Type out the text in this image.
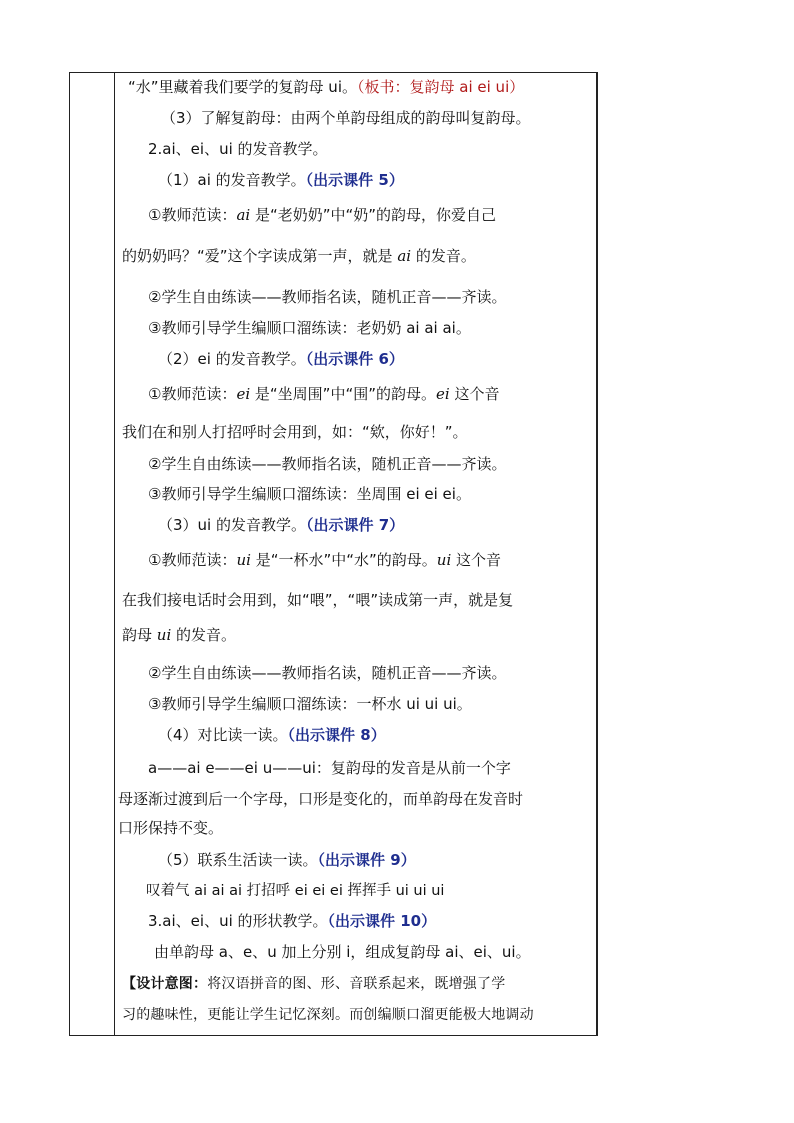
“水”里藏着我们要学的复韵母 ui。（板书：复韵母 ai ei ui）
（3）了解复韵母：由两个单韵母组成的韵母叫复韵母。
2.ai、ei、ui 的发音教学。
（1）ai 的发音教学。（出示课件 5）
①教师范读：ai 是“老奶奶”中“奶”的韵母，你爱自己
的奶奶吗？“爱”这个字读成第一声，就是 ai 的发音。
②学生自由练读——教师指名读，随机正音——齐读。
③教师引导学生编顺口溜练读：老奶奶 ai ai ai。
（2）ei 的发音教学。（出示课件 6）
①教师范读：ei 是“坐周围”中“围”的韵母。ei 这个音
我们在和别人打招呼时会用到，如：“欸，你好！”。
②学生自由练读——教师指名读，随机正音——齐读。
③教师引导学生编顺口溜练读：坐周围 ei ei ei。
（3）ui 的发音教学。（出示课件 7）
①教师范读：ui 是“一杯水”中“水”的韵母。ui 这个音
在我们接电话时会用到，如“喂”，“喂”读成第一声，就是复
韵母 ui 的发音。
②学生自由练读——教师指名读，随机正音——齐读。
③教师引导学生编顺口溜练读：一杯水 ui ui ui。
（4）对比读一读。（出示课件 8）
a——ai e——ei u——ui：复韵母的发音是从前一个字
母逐渐过渡到后一个字母，口形是变化的，而单韵母在发音时
口形保持不变。
（5）联系生活读一读。（出示课件 9）
叹着气 ai ai ai 打招呼 ei ei ei 挥挥手 ui ui ui
3.ai、ei、ui 的形状教学。（出示课件 10）
由单韵母 a、e、u 加上分别 i，组成复韵母 ai、ei、ui。
【设计意图：将汉语拼音的图、形、音联系起来，既增强了学
习的趣味性，更能让学生记忆深刻。而创编顺口溜更能极大地调动
